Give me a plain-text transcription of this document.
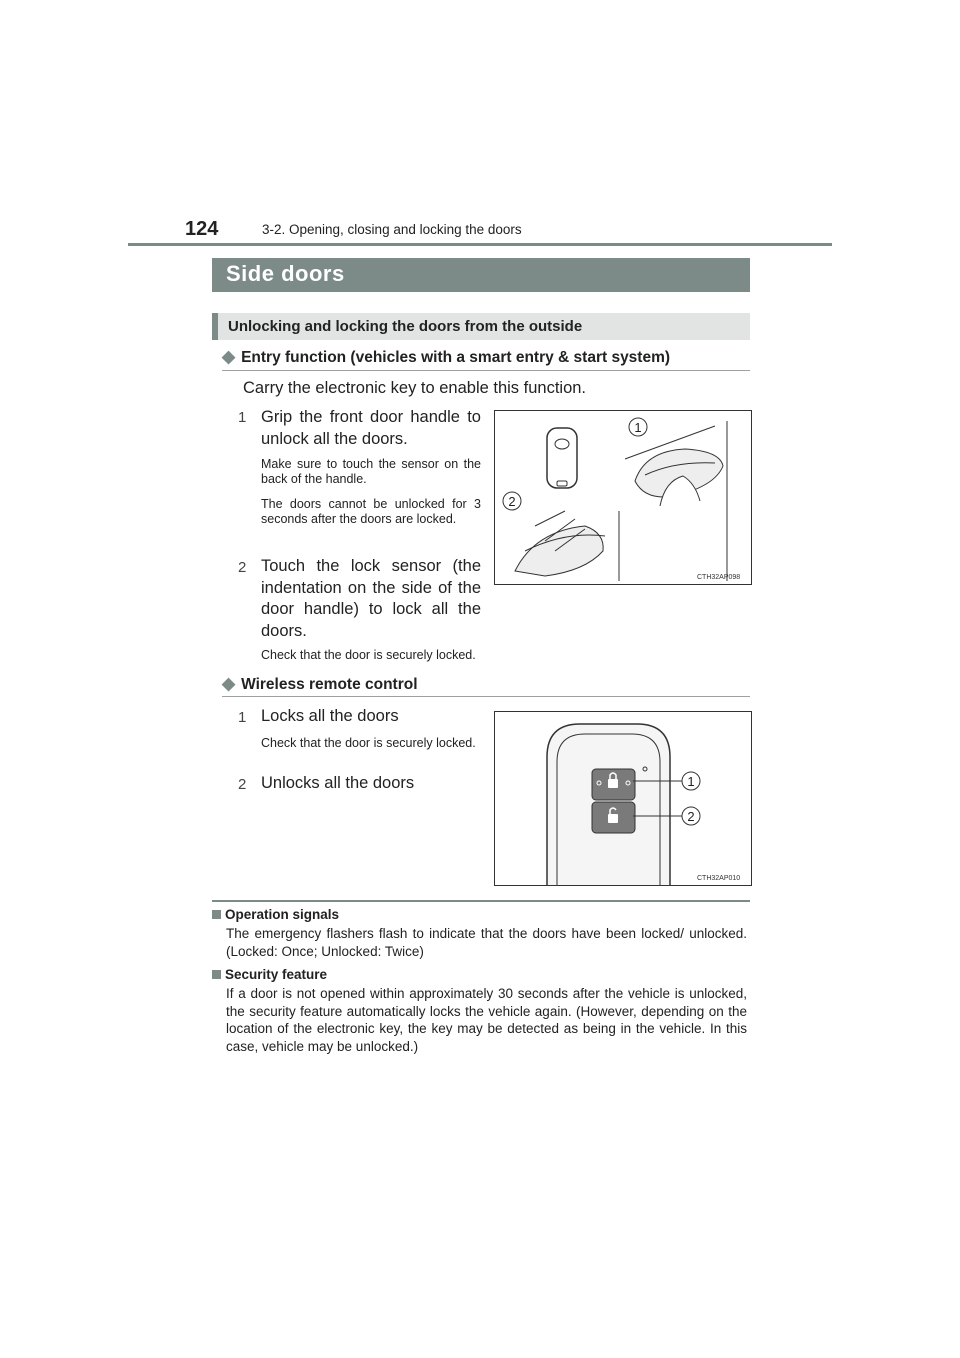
124	3-2. Opening, closing and locking the doors
Side doors
Unlocking and locking the doors from the outside
◆ Entry function (vehicles with a smart entry & start system)
Carry the electronic key to enable this function.
1 Grip the front door handle to unlock all the doors.
Make sure to touch the sensor on the back of the handle.
The doors cannot be unlocked for 3 seconds after the doors are locked.
2 Touch the lock sensor (the indentation on the side of the door handle) to lock all the doors.
Check that the door is securely locked.
1
2
CTH32AP098
◆ Wireless remote control
1 Locks all the doors
Check that the door is securely locked.
2 Unlocks all the doors	1
2
CTH32AP010
Operation signals
The emergency flashers flash to indicate that the doors have been locked/ unlocked. (Locked: Once; Unlocked: Twice)
Security feature
If a door is not opened within approximately 30 seconds after the vehicle is unlocked, the security feature automatically locks the vehicle again. (However, depending on the location of the electronic key, the key may be detected as being in the vehicle. In this case, vehicle may be unlocked.)
